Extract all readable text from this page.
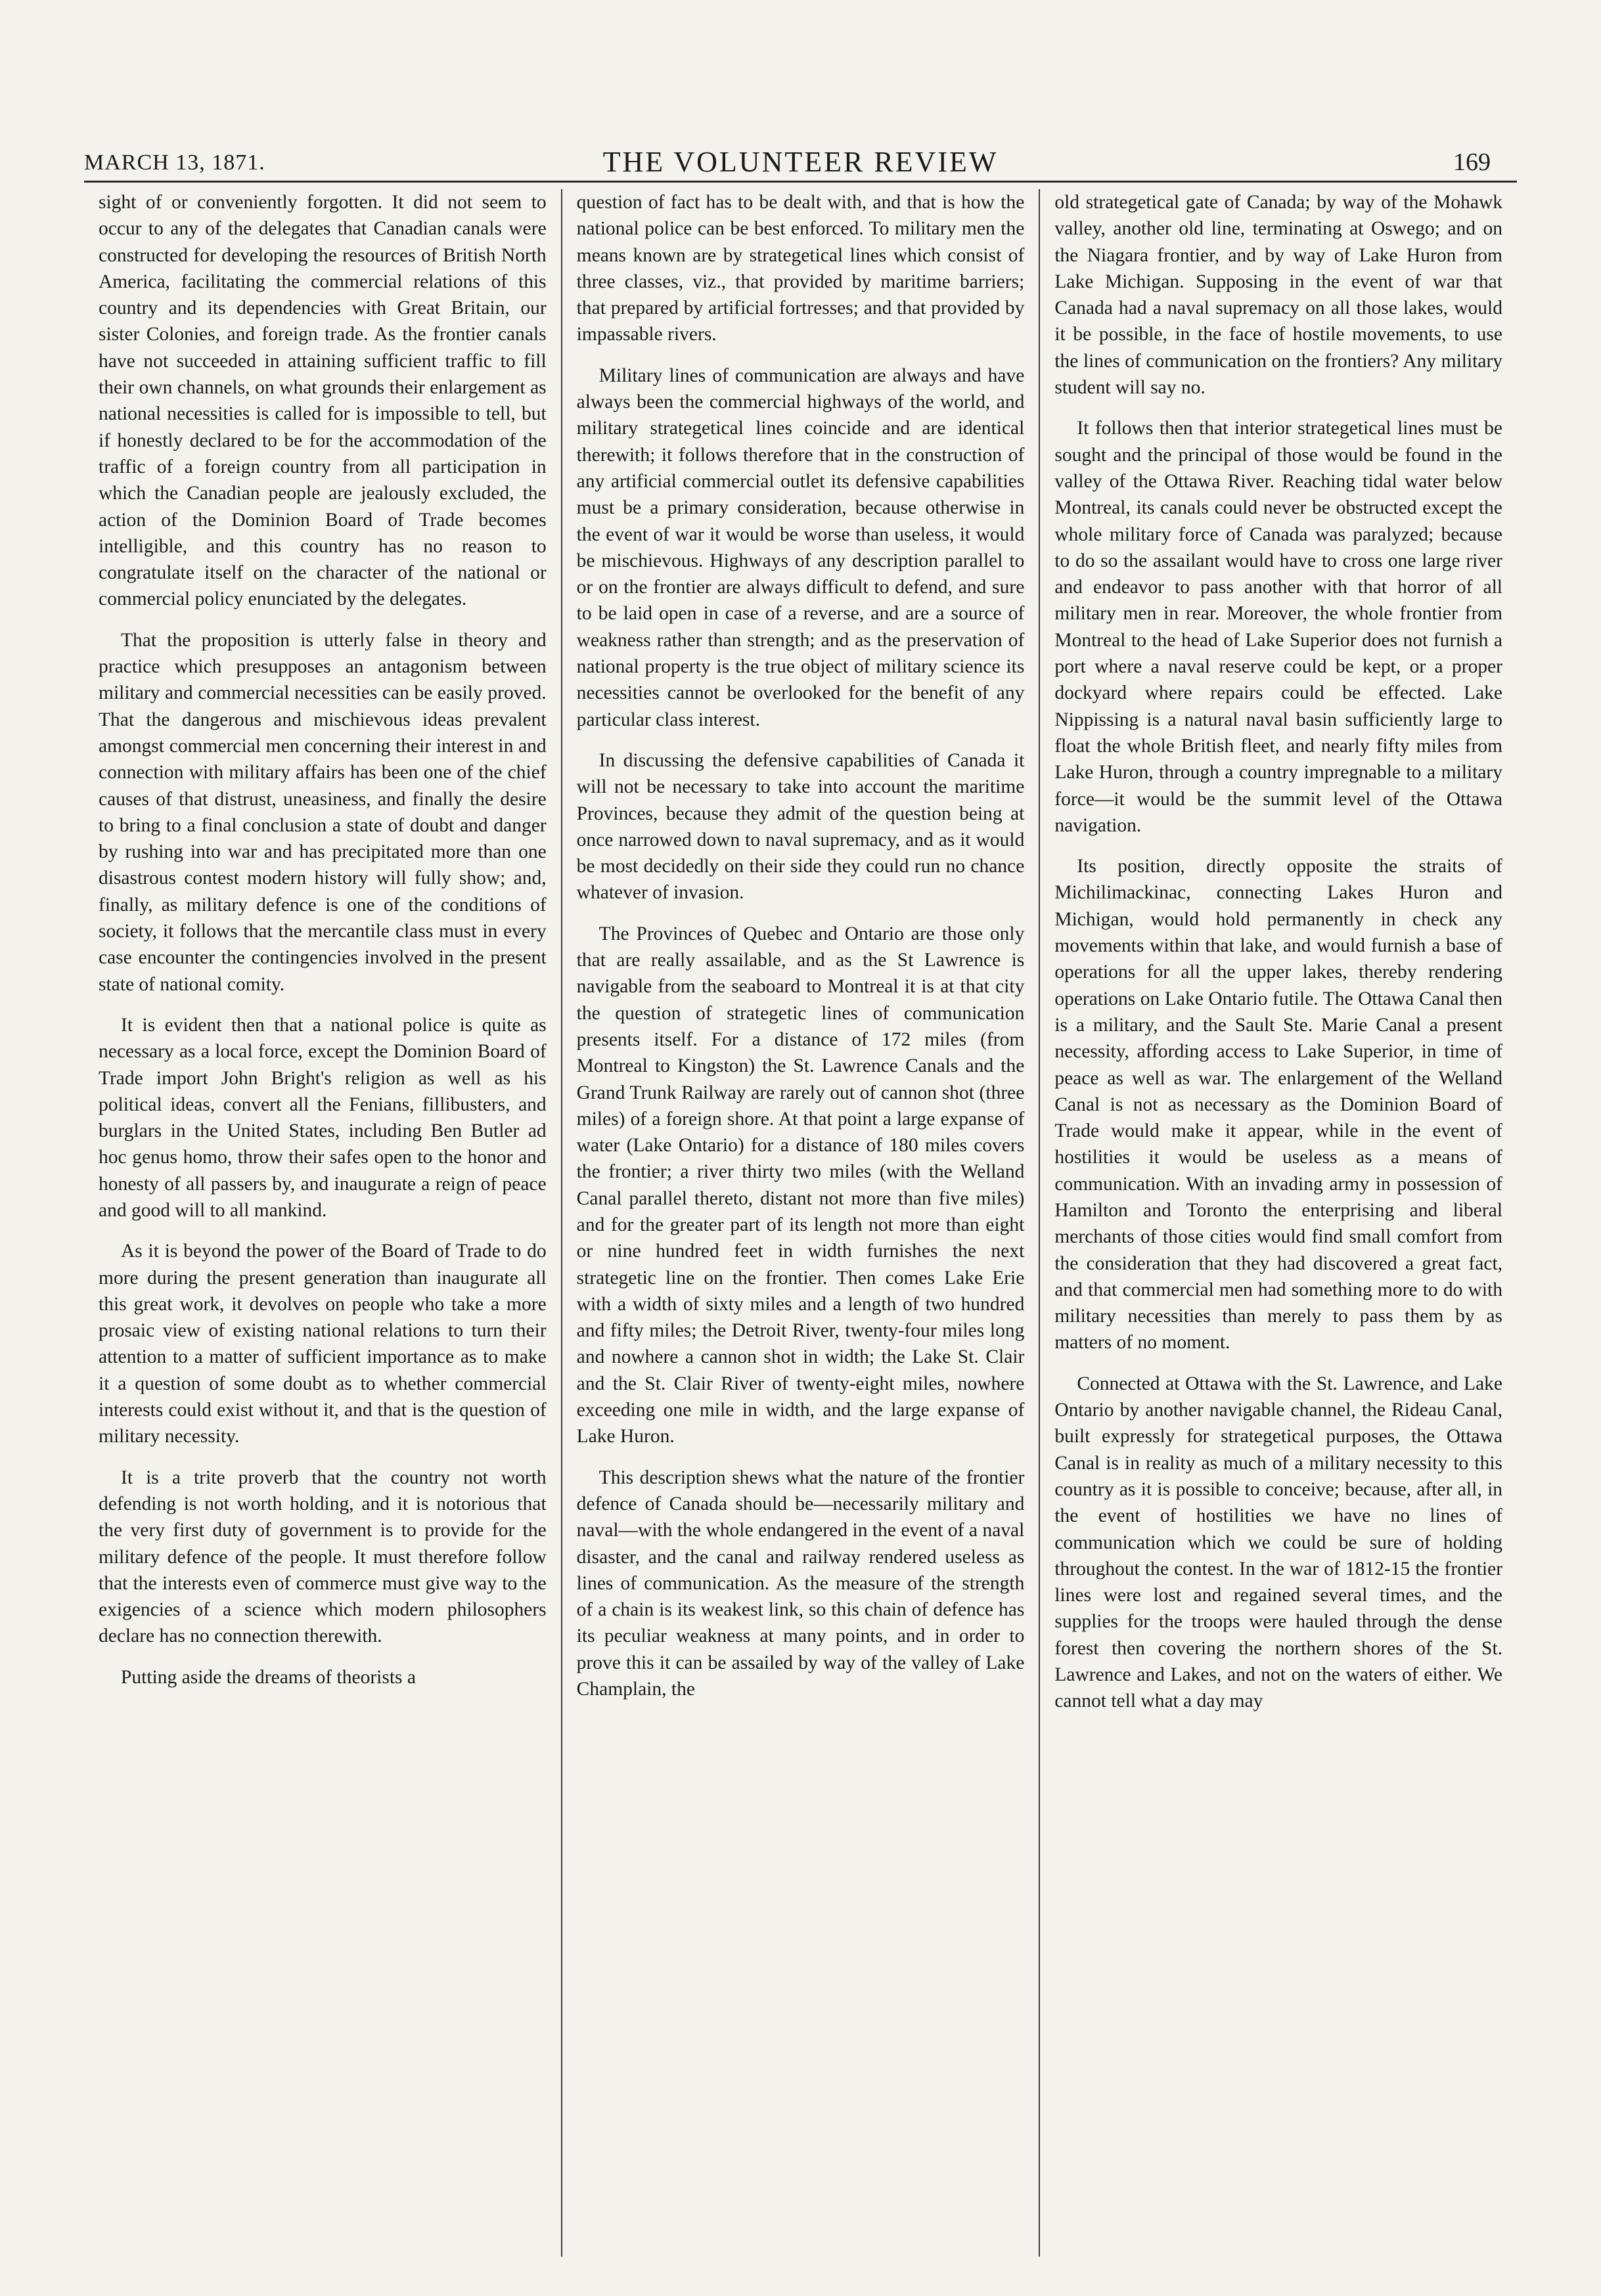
MARCH 13, 1871.	THE VOLUNTEER REVIEW	169

sight of or conveniently forgotten. It did not seem to occur to any of the delegates that Canadian canals were constructed for developing the resources of British North America, facilitating the commercial relations of this country and its dependencies with Great Britain, our sister Colonies, and foreign trade. As the frontier canals have not succeeded in attaining sufficient traffic to fill their own channels, on what grounds their enlargement as national necessities is called for is impossible to tell, but if honestly declared to be for the accommodation of the traffic of a foreign country from all participation in which the Canadian people are jealously excluded, the action of the Dominion Board of Trade becomes intelligible, and this country has no reason to congratulate itself on the character of the national or commercial policy enunciated by the delegates.

That the proposition is utterly false in theory and practice which presupposes an antagonism between military and commercial necessities can be easily proved. That the dangerous and mischievous ideas prevalent amongst commercial men concerning their interest in and connection with military affairs has been one of the chief causes of that distrust, uneasiness, and finally the desire to bring to a final conclusion a state of doubt and danger by rushing into war and has precipitated more than one disastrous contest modern history will fully show; and, finally, as military defence is one of the conditions of society, it follows that the mercantile class must in every case encounter the contingencies involved in the present state of national comity.

It is evident then that a national police is quite as necessary as a local force, except the Dominion Board of Trade import John Bright's religion as well as his political ideas, convert all the Fenians, fillibusters, and burglars in the United States, including Ben Butler ad hoc genus homo, throw their safes open to the honor and honesty of all passers by, and inaugurate a reign of peace and good will to all mankind.

As it is beyond the power of the Board of Trade to do more during the present generation than inaugurate all this great work, it devolves on people who take a more prosaic view of existing national relations to turn their attention to a matter of sufficient importance as to make it a question of some doubt as to whether commercial interests could exist without it, and that is the question of military necessity.

It is a trite proverb that the country not worth defending is not worth holding, and it is notorious that the very first duty of government is to provide for the military defence of the people. It must therefore follow that the interests even of commerce must give way to the exigencies of a science which modern philosophers declare has no connection therewith.

Putting aside the dreams of theorists a

question of fact has to be dealt with, and that is how the national police can be best enforced. To military men the means known are by strategetical lines which consist of three classes, viz., that provided by maritime barriers; that prepared by artificial fortresses; and that provided by impassable rivers.

Military lines of communication are always and have always been the commercial highways of the world, and military strategetical lines coincide and are identical therewith; it follows therefore that in the construction of any artificial commercial outlet its defensive capabilities must be a primary consideration, because otherwise in the event of war it would be worse than useless, it would be mischievous. Highways of any description parallel to or on the frontier are always difficult to defend, and sure to be laid open in case of a reverse, and are a source of weakness rather than strength; and as the preservation of national property is the true object of military science its necessities cannot be overlooked for the benefit of any particular class interest.

In discussing the defensive capabilities of Canada it will not be necessary to take into account the maritime Provinces, because they admit of the question being at once narrowed down to naval supremacy, and as it would be most decidedly on their side they could run no chance whatever of invasion.

The Provinces of Quebec and Ontario are those only that are really assailable, and as the St Lawrence is navigable from the seaboard to Montreal it is at that city the question of strategetic lines of communication presents itself. For a distance of 172 miles (from Montreal to Kingston) the St. Lawrence Canals and the Grand Trunk Railway are rarely out of cannon shot (three miles) of a foreign shore. At that point a large expanse of water (Lake Ontario) for a distance of 180 miles covers the frontier; a river thirty two miles (with the Welland Canal parallel thereto, distant not more than five miles) and for the greater part of its length not more than eight or nine hundred feet in width furnishes the next strategetic line on the frontier. Then comes Lake Erie with a width of sixty miles and a length of two hundred and fifty miles; the Detroit River, twenty-four miles long and nowhere a cannon shot in width; the Lake St. Clair and the St. Clair River of twenty-eight miles, nowhere exceeding one mile in width, and the large expanse of Lake Huron.

This description shews what the nature of the frontier defence of Canada should be—necessarily military and naval—with the whole endangered in the event of a naval disaster, and the canal and railway rendered useless as lines of communication. As the measure of the strength of a chain is its weakest link, so this chain of defence has its peculiar weakness at many points, and in order to prove this it can be assailed by way of the valley of Lake Champlain, the

old strategetical gate of Canada; by way of the Mohawk valley, another old line, terminating at Oswego; and on the Niagara frontier, and by way of Lake Huron from Lake Michigan. Supposing in the event of war that Canada had a naval supremacy on all those lakes, would it be possible, in the face of hostile movements, to use the lines of communication on the frontiers? Any military student will say no.

It follows then that interior strategetical lines must be sought and the principal of those would be found in the valley of the Ottawa River. Reaching tidal water below Montreal, its canals could never be obstructed except the whole military force of Canada was paralyzed; because to do so the assailant would have to cross one large river and endeavor to pass another with that horror of all military men in rear. Moreover, the whole frontier from Montreal to the head of Lake Superior does not furnish a port where a naval reserve could be kept, or a proper dockyard where repairs could be effected. Lake Nippissing is a natural naval basin sufficiently large to float the whole British fleet, and nearly fifty miles from Lake Huron, through a country impregnable to a military force—it would be the summit level of the Ottawa navigation.

Its position, directly opposite the straits of Michilimackinac, connecting Lakes Huron and Michigan, would hold permanently in check any movements within that lake, and would furnish a base of operations for all the upper lakes, thereby rendering operations on Lake Ontario futile. The Ottawa Canal then is a military, and the Sault Ste. Marie Canal a present necessity, affording access to Lake Superior, in time of peace as well as war. The enlargement of the Welland Canal is not as necessary as the Dominion Board of Trade would make it appear, while in the event of hostilities it would be useless as a means of communication. With an invading army in possession of Hamilton and Toronto the enterprising and liberal merchants of those cities would find small comfort from the consideration that they had discovered a great fact, and that commercial men had something more to do with military necessities than merely to pass them by as matters of no moment.

Connected at Ottawa with the St. Lawrence, and Lake Ontario by another navigable channel, the Rideau Canal, built expressly for strategetical purposes, the Ottawa Canal is in reality as much of a military necessity to this country as it is possible to conceive; because, after all, in the event of hostilities we have no lines of communication which we could be sure of holding throughout the contest. In the war of 1812-15 the frontier lines were lost and regained several times, and the supplies for the troops were hauled through the dense forest then covering the northern shores of the St. Lawrence and Lakes, and not on the waters of either. We cannot tell what a day may
